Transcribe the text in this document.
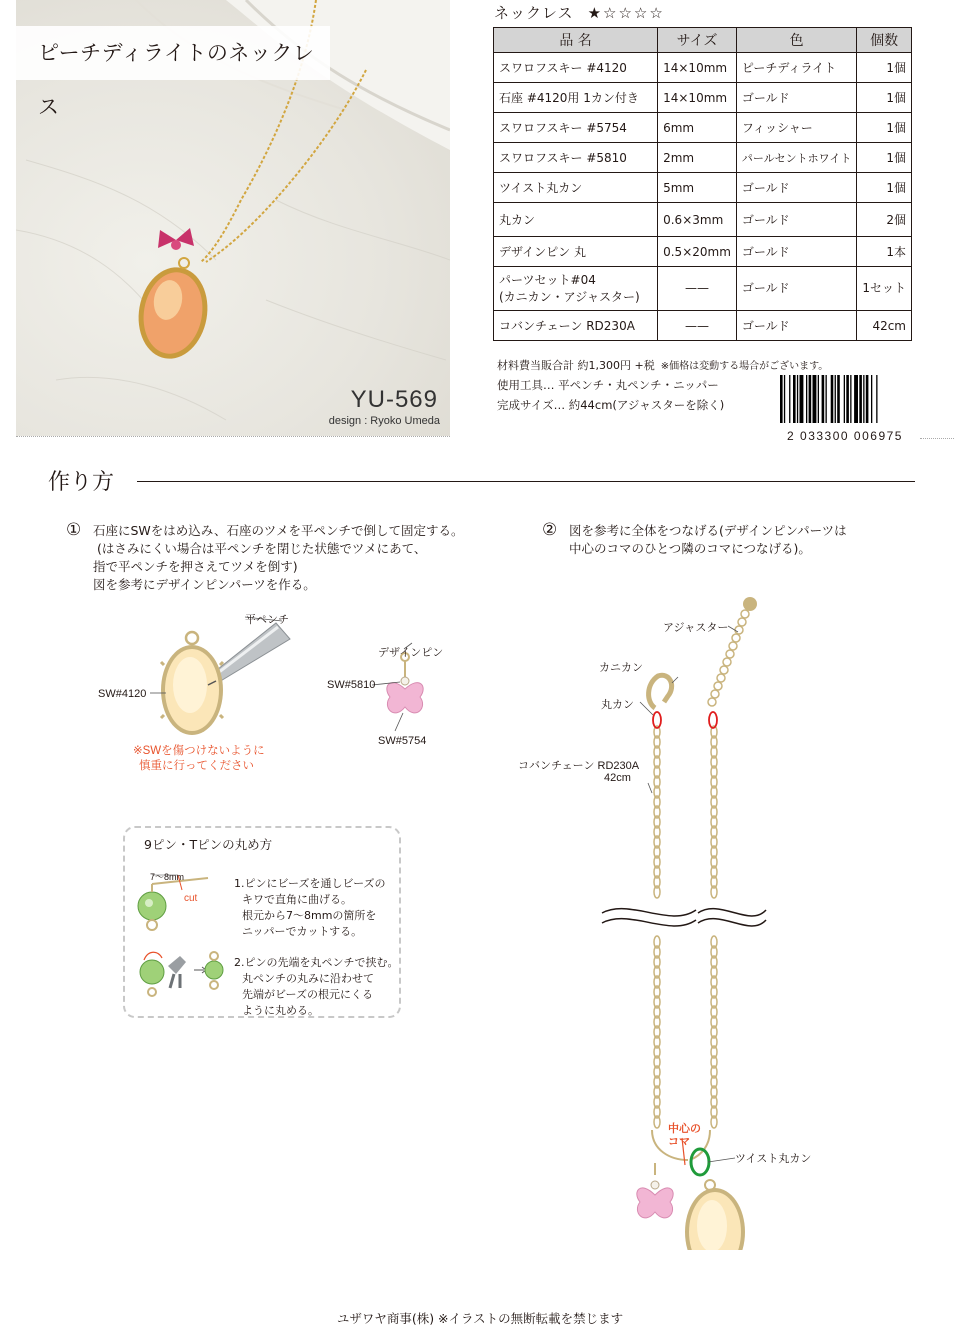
ピーチディライトのネックレス
YU-569
design : Ryoko Umeda
ネックレス ★☆☆☆☆
品 名	サイズ	色	個数
スワロフスキー #4120	14×10mm	ピーチディライト	1個
石座 #4120用 1カン付き	14×10mm	ゴールド	1個
スワロフスキー #5754	6mm	フィッシャー	1個
スワロフスキー #5810	2mm	パールセントホワイト	1個
ツイスト丸カン	5mm	ゴールド	1個
丸カン	0.6×3mm	ゴールド	2個
デザインピン 丸	0.5×20mm	ゴールド	1本

パーツセット#04
(カニカン・アジャスター)	——	ゴールド	1セット
コバンチェーン RD230A	——	ゴールド	42cm
材料費当販合計 約1,300円 +税 ※価格は変動する場合がございます。
使用工具… 平ペンチ・丸ペンチ・ニッパー
完成サイズ… 約44cm(アジャスターを除く)
2 033300 006975
作り方
① 石座にSWをはめ込み、石座のツメを平ペンチで倒して固定する。
(はさみにくい場合は平ペンチを閉じた状態でツメにあて、
指で平ペンチを押さえてツメを倒す)
図を参考にデザインピンパーツを作る。
平ペンチ
SW#4120
※SWを傷つけないように
慎重に行ってください
デザインピン
SW#5810
SW#5754
9ピン・Tピンの丸め方
7～8mm
cut
1.ピンにビーズを通しビーズの
キワで直角に曲げる。
根元から7～8mmの箇所を
ニッパーでカットする。
2.ピンの先端を丸ペンチで挟む。
丸ペンチの丸みに沿わせて
先端がビーズの根元にくる
ように丸める。
② 図を参考に全体をつなげる(デザインピンパーツは
中心のコマのひとつ隣のコマにつなげる)。
アジャスター
カニカン
丸カン
コバンチェーン RD230A
42cm
中心の
コマ
ツイスト丸カン
ユザワヤ商事(株) ※イラストの無断転載を禁じます
